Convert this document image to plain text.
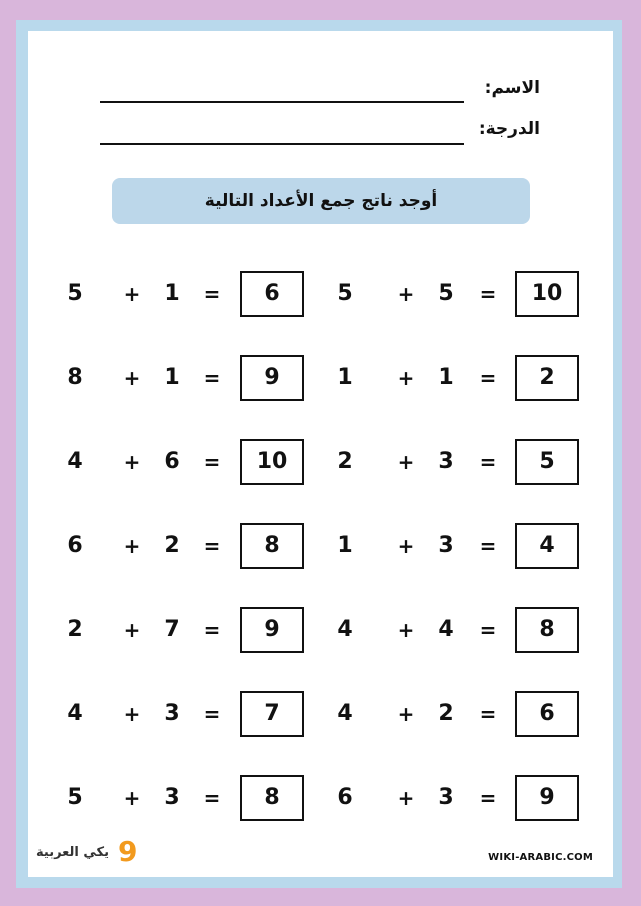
الاسم:
الدرجة:
أوجد ناتج جمع الأعداد التالية
5 + 1 =	6	5 + 5 =	10
8 + 1 =	9	1 + 1 =	2
4 + 6 =	10	2 + 3 =	5
6 + 2 =	8	1 + 3 =	4
2 + 7 =	9	4 + 4 =	8
4 + 3 =	7	4 + 2 =	6
5 + 3 =	8	6 + 3 =	9
يكي العربية 9	WIKI-ARABIC.COM
